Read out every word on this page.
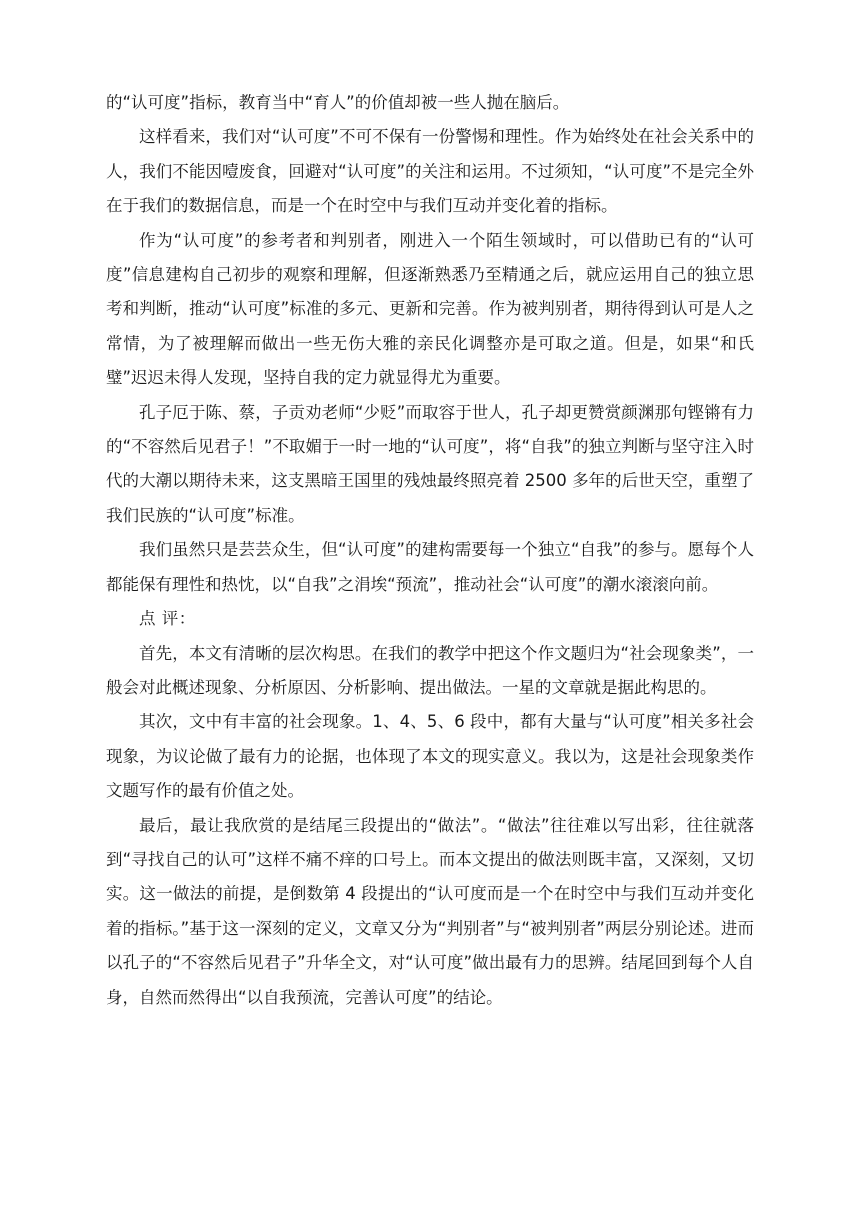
的“认可度”指标，教育当中“育人”的价值却被一些人抛在脑后。

这样看来，我们对“认可度”不可不保有一份警惕和理性。作为始终处在社会关系中的人，我们不能因噎废食，回避对“认可度”的关注和运用。不过须知，“认可度”不是完全外在于我们的数据信息，而是一个在时空中与我们互动并变化着的指标。

作为“认可度”的参考者和判别者，刚进入一个陌生领域时，可以借助已有的“认可度”信息建构自己初步的观察和理解，但逐渐熟悉乃至精通之后，就应运用自己的独立思考和判断，推动“认可度”标准的多元、更新和完善。作为被判别者，期待得到认可是人之常情，为了被理解而做出一些无伤大雅的亲民化调整亦是可取之道。但是，如果“和氏璧”迟迟未得人发现，坚持自我的定力就显得尤为重要。

孔子厄于陈、蔡，子贡劝老师“少贬”而取容于世人，孔子却更赞赏颜渊那句铿锵有力的“不容然后见君子！”不取媚于一时一地的“认可度”，将“自我”的独立判断与坚守注入时代的大潮以期待未来，这支黑暗王国里的残烛最终照亮着 2500 多年的后世天空，重塑了我们民族的“认可度”标准。

我们虽然只是芸芸众生，但“认可度”的建构需要每一个独立“自我”的参与。愿每个人都能保有理性和热忱，以“自我”之涓埃“预流”，推动社会“认可度”的潮水滚滚向前。

点 评：

首先，本文有清晰的层次构思。在我们的教学中把这个作文题归为“社会现象类”，一般会对此概述现象、分析原因、分析影响、提出做法。一星的文章就是据此构思的。

其次，文中有丰富的社会现象。1、4、5、6 段中，都有大量与“认可度”相关多社会现象，为议论做了最有力的论据，也体现了本文的现实意义。我以为，这是社会现象类作文题写作的最有价值之处。

最后，最让我欣赏的是结尾三段提出的“做法”。“做法”往往难以写出彩，往往就落到“寻找自己的认可”这样不痛不痒的口号上。而本文提出的做法则既丰富，又深刻，又切实。这一做法的前提，是倒数第 4 段提出的“认可度而是一个在时空中与我们互动并变化着的指标。”基于这一深刻的定义，文章又分为“判别者”与“被判别者”两层分别论述。进而以孔子的“不容然后见君子”升华全文，对“认可度”做出最有力的思辨。结尾回到每个人自身，自然而然得出“以自我预流，完善认可度”的结论。
